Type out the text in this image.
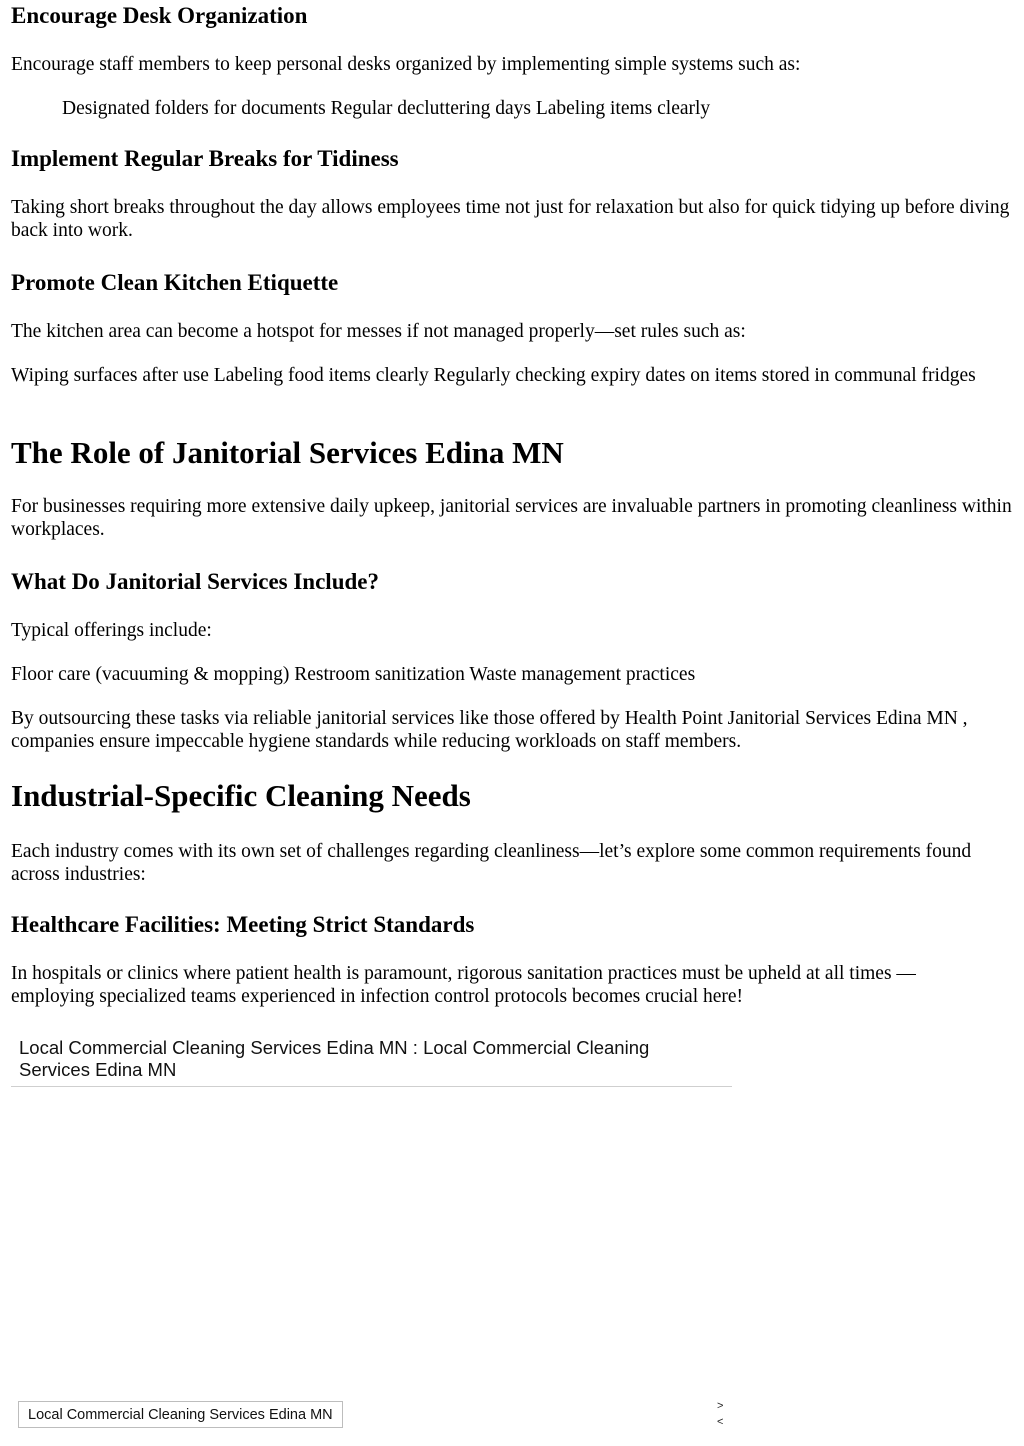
Encourage Desk Organization

Encourage staff members to keep personal desks organized by implementing simple systems such as:

Designated folders for documents Regular decluttering days Labeling items clearly

Implement Regular Breaks for Tidiness

Taking short breaks throughout the day allows employees time not just for relaxation but also for quick tidying up before diving back into work.

Promote Clean Kitchen Etiquette

The kitchen area can become a hotspot for messes if not managed properly—set rules such as:

Wiping surfaces after use Labeling food items clearly Regularly checking expiry dates on items stored in communal fridges

The Role of Janitorial Services Edina MN

For businesses requiring more extensive daily upkeep, janitorial services are invaluable partners in promoting cleanliness within workplaces.

What Do Janitorial Services Include?

Typical offerings include:

Floor care (vacuuming & mopping) Restroom sanitization Waste management practices

By outsourcing these tasks via reliable janitorial services like those offered by Health Point Janitorial Services Edina MN , companies ensure impeccable hygiene standards while reducing workloads on staff members.

Industrial-Specific Cleaning Needs

Each industry comes with its own set of challenges regarding cleanliness—let’s explore some common requirements found across industries:

Healthcare Facilities: Meeting Strict Standards

In hospitals or clinics where patient health is paramount, rigorous sanitation practices must be upheld at all times — employing specialized teams experienced in infection control protocols becomes crucial here!

Local Commercial Cleaning Services Edina MN : Local Commercial Cleaning Services Edina MN
Local Commercial Cleaning Services Edina MN
>
<
